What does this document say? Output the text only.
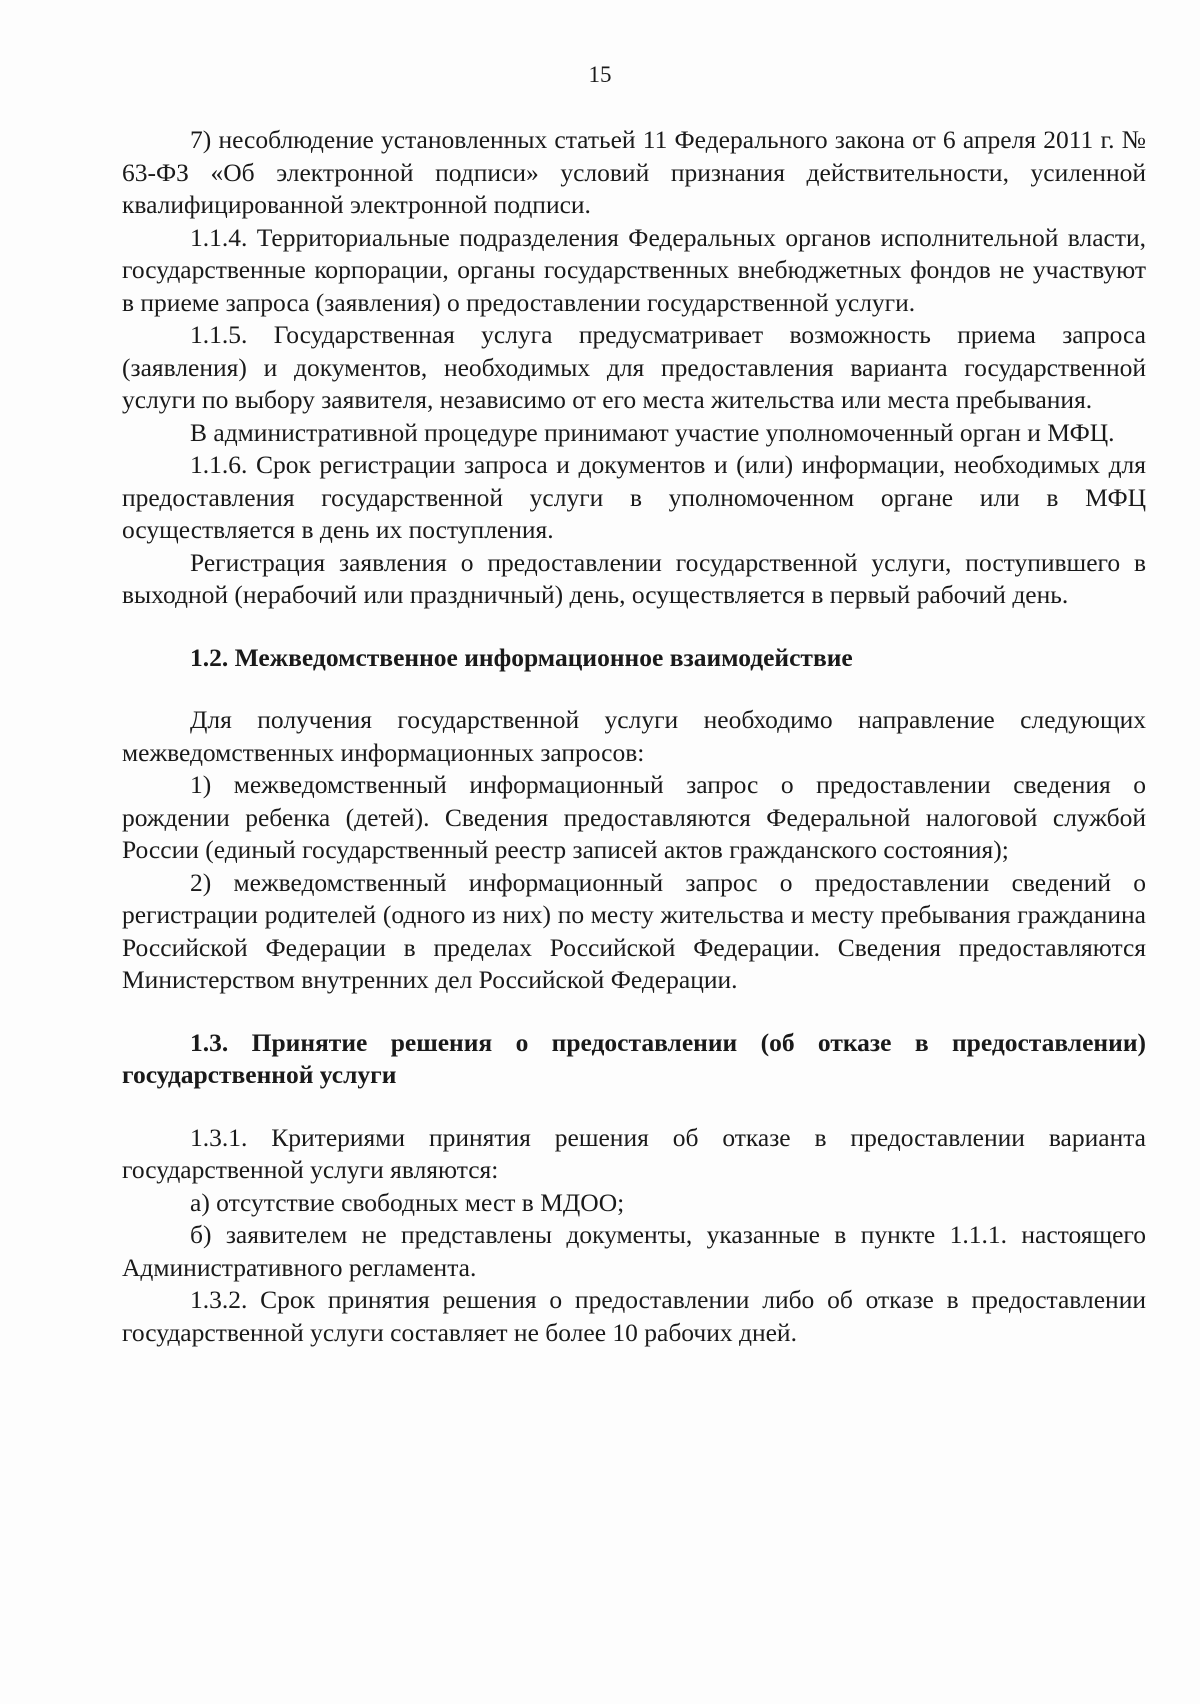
15

7) несоблюдение установленных статьей 11 Федерального закона от 6 апреля 2011 г. № 63-ФЗ «Об электронной подписи» условий признания действительности, усиленной квалифицированной электронной подписи.

1.1.4. Территориальные подразделения Федеральных органов исполнительной власти, государственные корпорации, органы государственных внебюджетных фондов не участвуют в приеме запроса (заявления) о предоставлении государственной услуги.

1.1.5. Государственная услуга предусматривает возможность приема запроса (заявления) и документов, необходимых для предоставления варианта государственной услуги по выбору заявителя, независимо от его места жительства или места пребывания.

В административной процедуре принимают участие уполномоченный орган и МФЦ.

1.1.6. Срок регистрации запроса и документов и (или) информации, необходимых для предоставления государственной услуги в уполномоченном органе или в МФЦ осуществляется в день их поступления.

Регистрация заявления о предоставлении государственной услуги, поступившего в выходной (нерабочий или праздничный) день, осуществляется в первый рабочий день.

1.2. Межведомственное информационное взаимодействие

Для получения государственной услуги необходимо направление следующих межведомственных информационных запросов:

1) межведомственный информационный запрос о предоставлении сведения о рождении ребенка (детей). Сведения предоставляются Федеральной налоговой службой России (единый государственный реестр записей актов гражданского состояния);

2) межведомственный информационный запрос о предоставлении сведений о регистрации родителей (одного из них) по месту жительства и месту пребывания гражданина Российской Федерации в пределах Российской Федерации. Сведения предоставляются Министерством внутренних дел Российской Федерации.

1.3. Принятие решения о предоставлении (об отказе в предоставлении) государственной услуги

1.3.1. Критериями принятия решения об отказе в предоставлении варианта государственной услуги являются:

а) отсутствие свободных мест в МДОО;

б) заявителем не представлены документы, указанные в пункте 1.1.1. настоящего Административного регламента.

1.3.2. Срок принятия решения о предоставлении либо об отказе в предоставлении государственной услуги составляет не более 10 рабочих дней.
